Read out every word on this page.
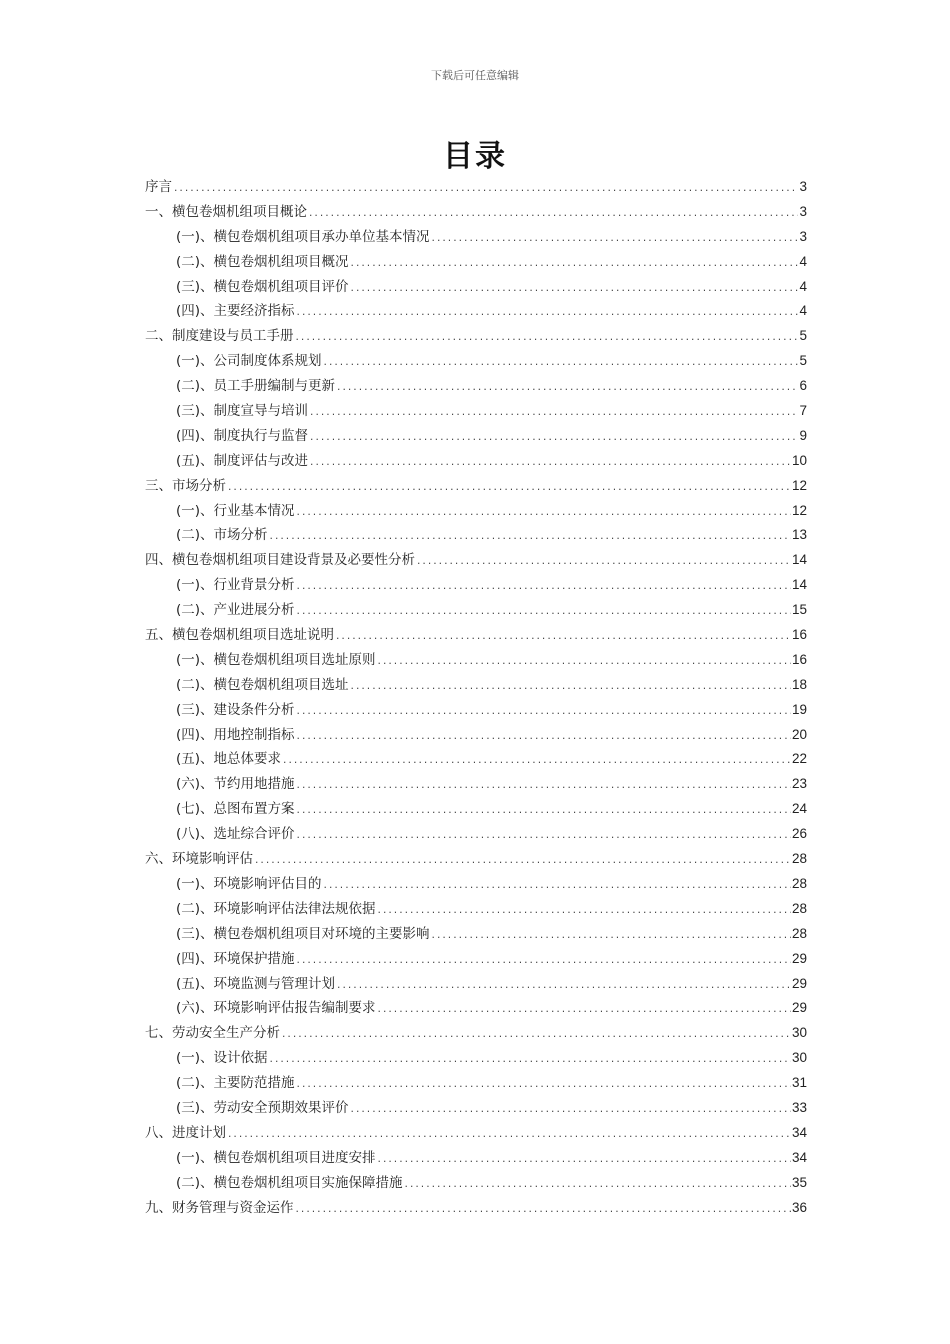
下载后可任意编辑
目录
序言 .....	3
一、横包卷烟机组项目概论 .....	3
(一)、横包卷烟机组项目承办单位基本情况 .....	3
(二)、横包卷烟机组项目概况 .....	4
(三)、横包卷烟机组项目评价 .....	4
(四)、主要经济指标 .....	4
二、制度建设与员工手册 .....	5
(一)、公司制度体系规划 .....	5
(二)、员工手册编制与更新 .....	6
(三)、制度宣导与培训 .....	7
(四)、制度执行与监督 .....	9
(五)、制度评估与改进 .....	10
三、市场分析 .....	12
(一)、行业基本情况 .....	12
(二)、市场分析 .....	13
四、横包卷烟机组项目建设背景及必要性分析 .....	14
(一)、行业背景分析 .....	14
(二)、产业进展分析 .....	15
五、横包卷烟机组项目选址说明 .....	16
(一)、横包卷烟机组项目选址原则 .....	16
(二)、横包卷烟机组项目选址 .....	18
(三)、建设条件分析 .....	19
(四)、用地控制指标 .....	20
(五)、地总体要求 .....	22
(六)、节约用地措施 .....	23
(七)、总图布置方案 .....	24
(八)、选址综合评价 .....	26
六、环境影响评估 .....	28
(一)、环境影响评估目的 .....	28
(二)、环境影响评估法律法规依据 .....	28
(三)、横包卷烟机组项目对环境的主要影响 .....	28
(四)、环境保护措施 .....	29
(五)、环境监测与管理计划 .....	29
(六)、环境影响评估报告编制要求 .....	29
七、劳动安全生产分析 .....	30
(一)、设计依据 .....	30
(二)、主要防范措施 .....	31
(三)、劳动安全预期效果评价 .....	33
八、进度计划 .....	34
(一)、横包卷烟机组项目进度安排 .....	34
(二)、横包卷烟机组项目实施保障措施 .....	35
九、财务管理与资金运作 .....	36
